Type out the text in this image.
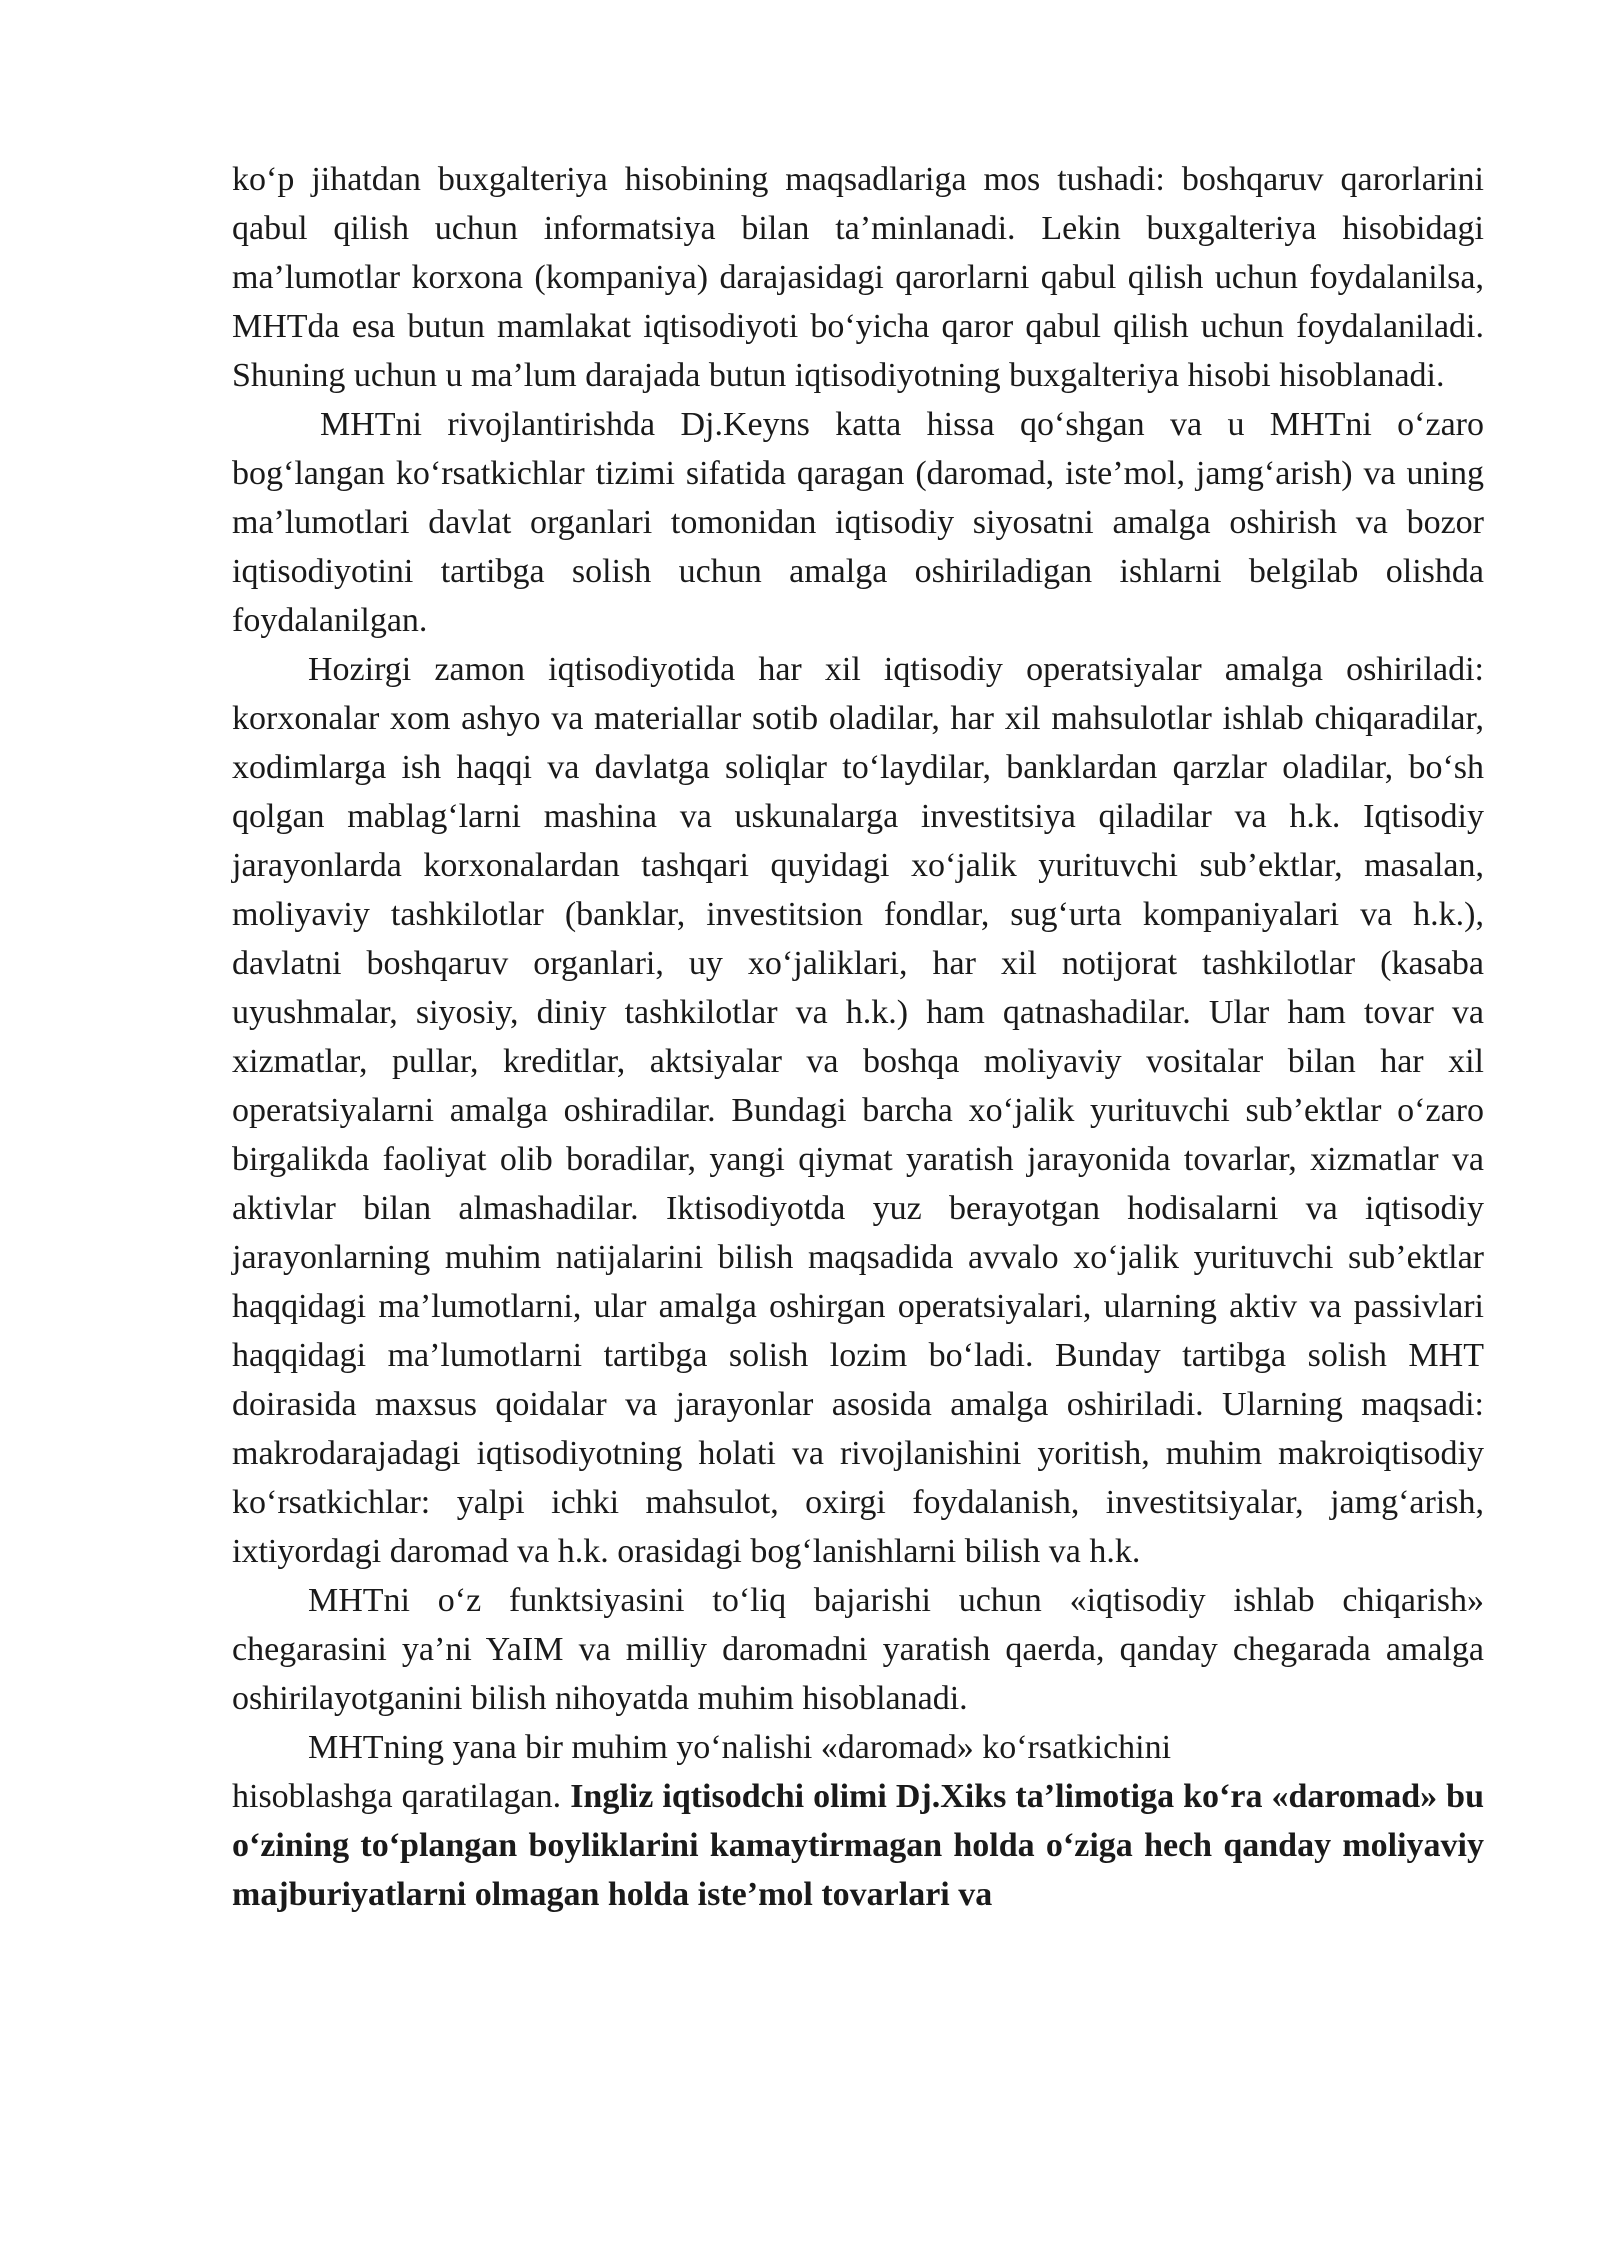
ko‘p jihatdan buxgalteriya hisobining maqsadlariga mos tushadi: boshqaruv qarorlarini qabul qilish uchun informatsiya bilan ta’minlanadi. Lekin buxgalteriya hisobidagi ma’lumotlar korxona (kompaniya) darajasidagi qarorlarni qabul qilish uchun foydalanilsa, MHTda esa butun mamlakat iqtisodiyoti bo‘yicha qaror qabul qilish uchun foydalaniladi. Shuning uchun u ma’lum darajada butun iqtisodiyotning buxgalteriya hisobi hisoblanadi.

MHTni rivojlantirishda Dj.Keyns katta hissa qo‘shgan va u MHTni o‘zaro bog‘langan ko‘rsatkichlar tizimi sifatida qaragan (daromad, iste’mol, jamg‘arish) va uning ma’lumotlari davlat organlari tomonidan iqtisodiy siyosatni amalga oshirish va bozor iqtisodiyotini tartibga solish uchun amalga oshiriladigan ishlarni belgilab olishda foydalanilgan.

Hozirgi zamon iqtisodiyotida har xil iqtisodiy operatsiyalar amalga oshiriladi: korxonalar xom ashyo va materiallar sotib oladilar, har xil mahsulotlar ishlab chiqaradilar, xodimlarga ish haqqi va davlatga soliqlar to‘laydilar, banklardan qarzlar oladilar, bo‘sh qolgan mablag‘larni mashina va uskunalarga investitsiya qiladilar va h.k. Iqtisodiy jarayonlarda korxonalardan tashqari quyidagi xo‘jalik yurituvchi sub’ektlar, masalan, moliyaviy tashkilotlar (banklar, investitsion fondlar, sug‘urta kompaniyalari va h.k.), davlatni boshqaruv organlari, uy xo‘jaliklari, har xil notijorat tashkilotlar (kasaba uyushmalar, siyosiy, diniy tashkilotlar va h.k.) ham qatnashadilar. Ular ham tovar va xizmatlar, pullar, kreditlar, aktsiyalar va boshqa moliyaviy vositalar bilan har xil operatsiyalarni amalga oshiradilar. Bundagi barcha xo‘jalik yurituvchi sub’ektlar o‘zaro birgalikda faoliyat olib boradilar, yangi qiymat yaratish jarayonida tovarlar, xizmatlar va aktivlar bilan almashadilar. Iktisodiyotda yuz berayotgan hodisalarni va iqtisodiy jarayonlarning muhim natijalarini bilish maqsadida avvalo xo‘jalik yurituvchi sub’ektlar haqqidagi ma’lumotlarni, ular amalga oshirgan operatsiyalari, ularning aktiv va passivlari haqqidagi ma’lumotlarni tartibga solish lozim bo‘ladi. Bunday tartibga solish MHT doirasida maxsus qoidalar va jarayonlar asosida amalga oshiriladi. Ularning maqsadi: makrodarajadagi iqtisodiyotning holati va rivojlanishini yoritish, muhim makroiqtisodiy ko‘rsatkichlar: yalpi ichki mahsulot, oxirgi foydalanish, investitsiyalar, jamg‘arish, ixtiyordagi daromad va h.k. orasidagi bog‘lanishlarni bilish va h.k.

MHTni o‘z funktsiyasini to‘liq bajarishi uchun «iqtisodiy ishlab chiqarish» chegarasini ya’ni YaIM va milliy daromadni yaratish qaerda, qanday chegarada amalga oshirilayotganini bilish nihoyatda muhim hisoblanadi.

MHTning yana bir muhim yo‘nalishi «daromad» ko‘rsatkichini

hisoblashga qaratilagan. Ingliz iqtisodchi olimi Dj.Xiks ta’limotiga ko‘ra «daromad» bu o‘zining to‘plangan boyliklarini kamaytirmagan holda o‘ziga hech qanday moliyaviy majburiyatlarni olmagan holda iste’mol tovarlari va
